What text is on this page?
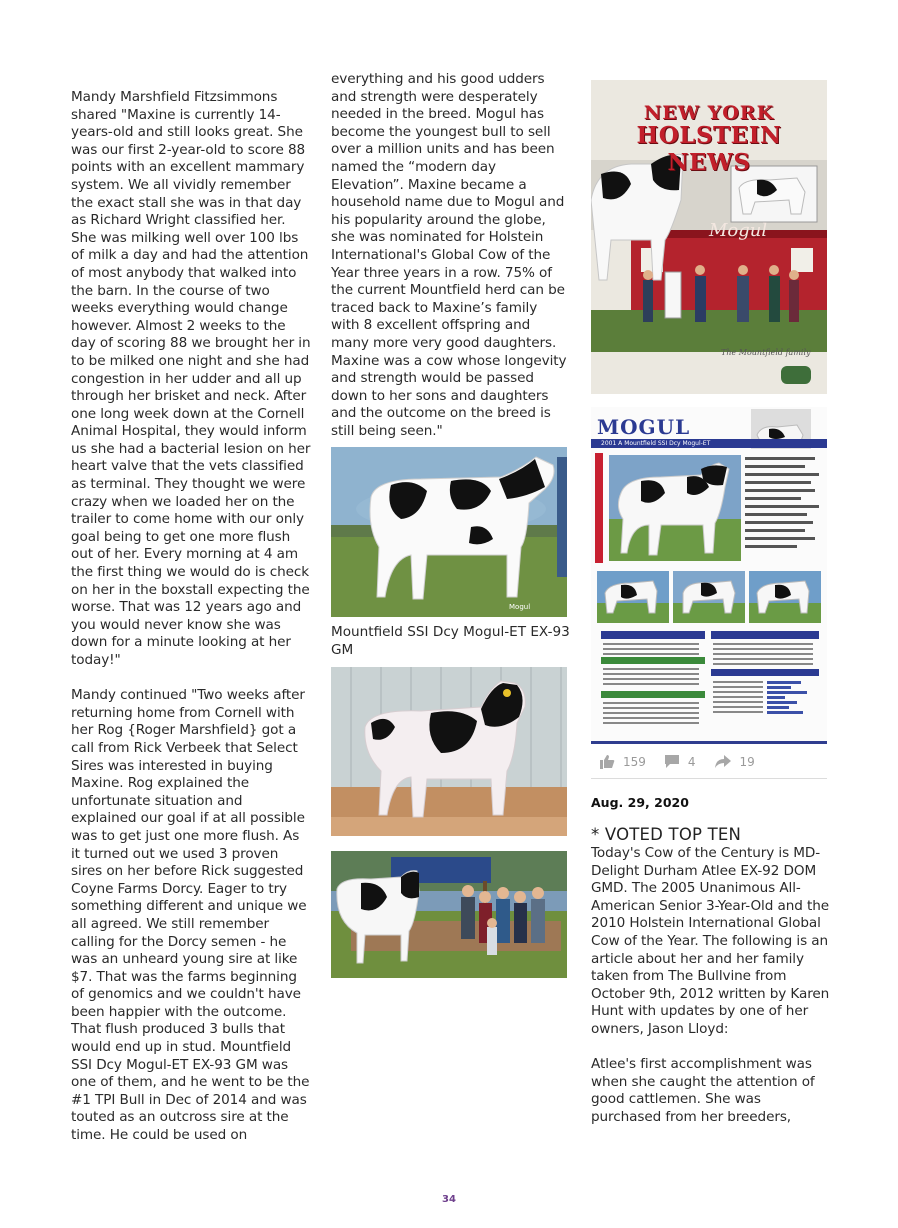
Mandy Marshfield Fitzsimmons shared "Maxine is currently 14-years-old and still looks great. She was our first 2-year-old to score 88 points with an excellent mammary system. We all vividly remember the exact stall she was in that day as Richard Wright classified her. She was milking well over 100 lbs of milk a day and had the attention of most anybody that walked into the barn. In the course of two weeks everything would change however. Almost 2 weeks to the day of scoring 88 we brought her in to be milked one night and she had congestion in her udder and all up through her brisket and neck. After one long week down at the Cornell Animal Hospital, they would inform us she had a bacterial lesion on her heart valve that the vets classified as terminal. They thought we were crazy when we loaded her on the trailer to come home with our only goal being to get one more flush out of her. Every morning at 4 am the first thing we would do is check on her in the boxstall expecting the worse. That was 12 years ago and you would never know she was down for a minute looking at her today!"

Mandy continued "Two weeks after returning home from Cornell with her Rog {Roger Marshfield} got a call from Rick Verbeek that Select Sires was interested in buying Maxine. Rog explained the unfortunate situation and explained our goal if at all possible was to get just one more flush. As it turned out we used 3 proven sires on her before Rick suggested Coyne Farms Dorcy. Eager to try something different and unique we all agreed. We still remember calling for the Dorcy semen - he was an unheard young sire at like $7. That was the farms beginning of genomics and we couldn't have been happier with the outcome. That flush produced 3 bulls that would end up in stud. Mountfield SSI Dcy Mogul-ET EX-93 GM was one of them, and he went to be the #1 TPI Bull in Dec of 2014 and was touted as an outcross sire at the time. He could be used on

everything and his good udders and strength were desperately needed in the breed. Mogul has become the youngest bull to sell over a million units and has been named the “modern day Elevation”. Maxine became a household name due to Mogul and his popularity around the globe, she was nominated for Holstein International's Global Cow of the Year three years in a row. 75% of the current Mountfield herd can be traced back to Maxine’s family with 8 excellent offspring and many more very good daughters. Maxine was a cow whose longevity and strength would be passed down to her sons and daughters and the outcome on the breed is still being seen."

Mogul
Mountfield SSI Dcy Mogul-ET EX-93 GM
NEW YORK
HOLSTEIN NEWS
Mogul
The Mountfield family
MOGUL
2001 A Mountfield SSI Dcy Mogul-ET
159	4	19
Aug. 29, 2020
* VOTED TOP TEN

Today's Cow of the Century is MD-Delight Durham Atlee EX-92 DOM GMD. The 2005 Unanimous All-American Senior 3-Year-Old and the 2010 Holstein International Global Cow of the Year. The following is an article about her and her family taken from The Bullvine from October 9th, 2012 written by Karen Hunt with updates by one of her owners, Jason Lloyd:

Atlee's first accomplishment was when she caught the attention of good cattlemen. She was purchased from her breeders,

34
